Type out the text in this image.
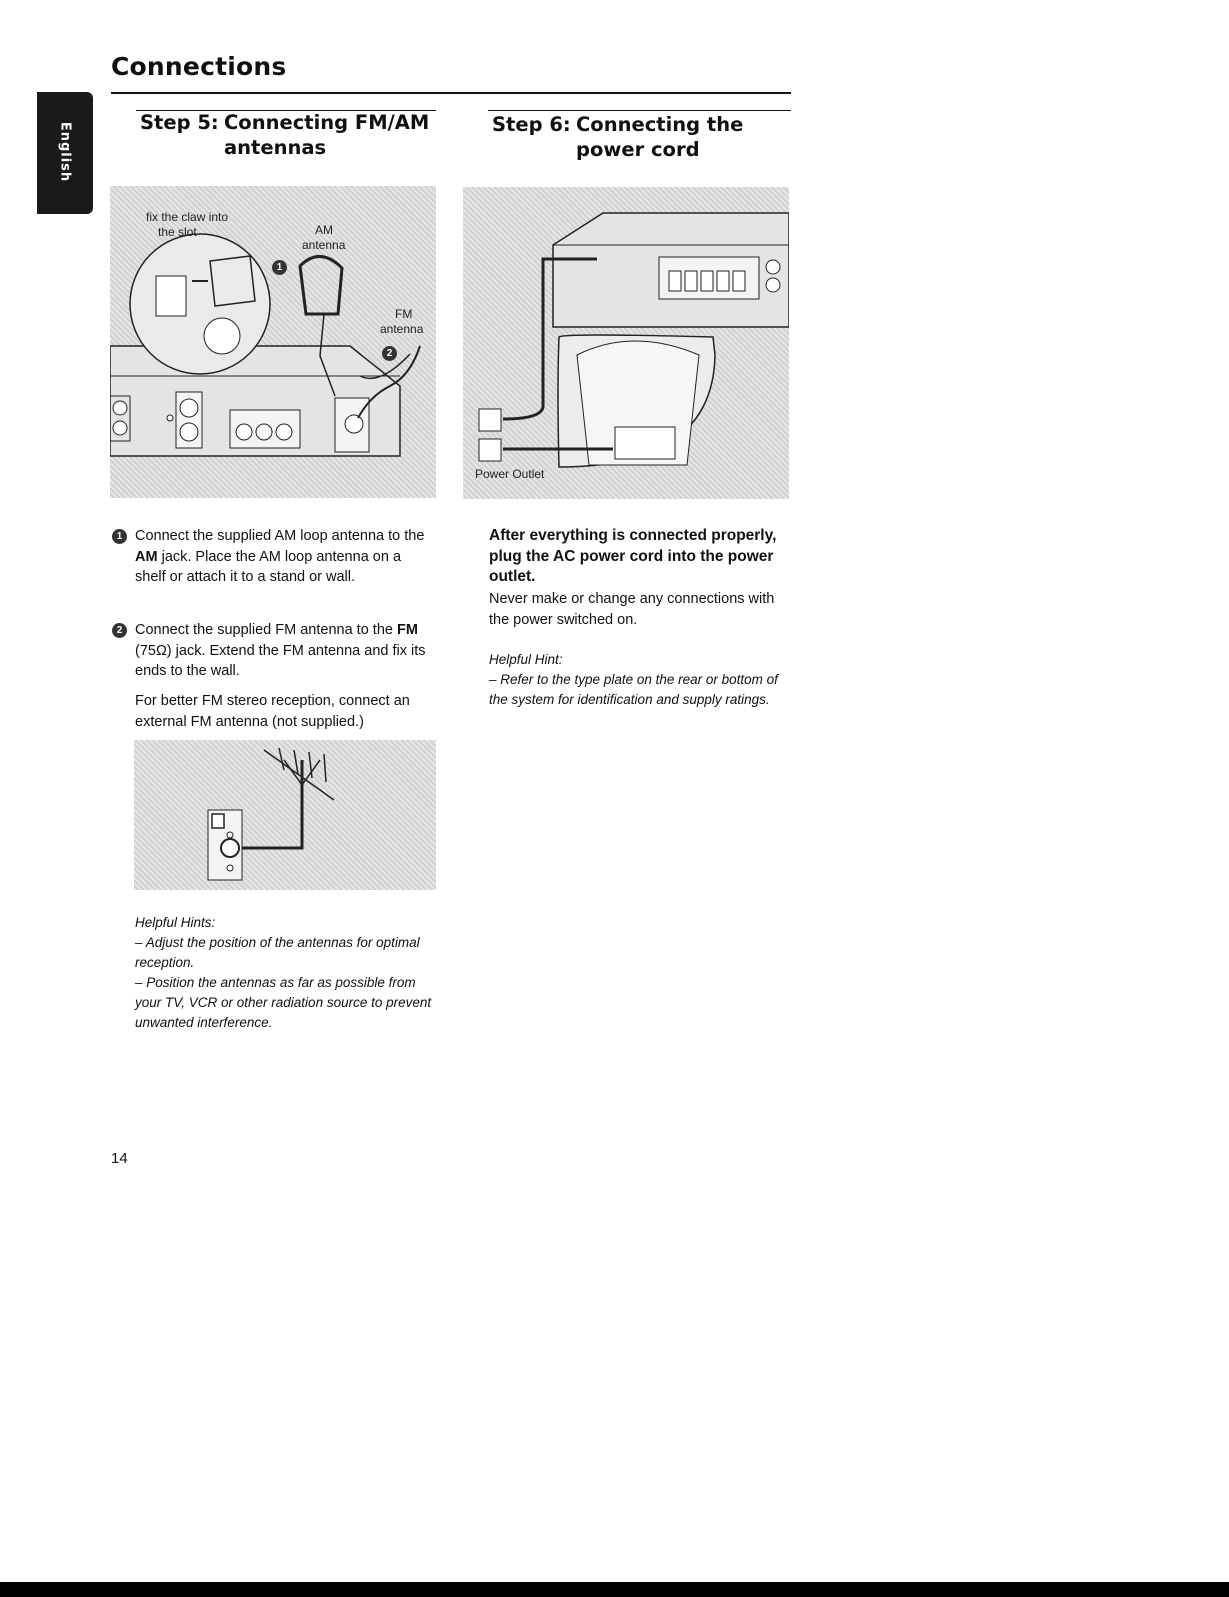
English
Connections
Step 5: Connecting FM/AM
antennas
fix the claw into
the slot	AM
antenna
FM
antenna
1
2
1 Connect the supplied AM loop antenna to the AM jack. Place the AM loop antenna on a shelf or attach it to a stand or wall.
2 Connect the supplied FM antenna to the FM (75Ω) jack. Extend the FM antenna and fix its ends to the wall.
For better FM stereo reception, connect an external FM antenna (not supplied.)
Helpful Hints:
– Adjust the position of the antennas for optimal reception.
– Position the antennas as far as possible from your TV, VCR or other radiation source to prevent unwanted interference.
Step 6: Connecting the
power cord
Power Outlet
After everything is connected properly, plug the AC power cord into the power outlet.
Never make or change any connections with the power switched on.
Helpful Hint:
– Refer to the type plate on the rear or bottom of the system for identification and supply ratings.
14
